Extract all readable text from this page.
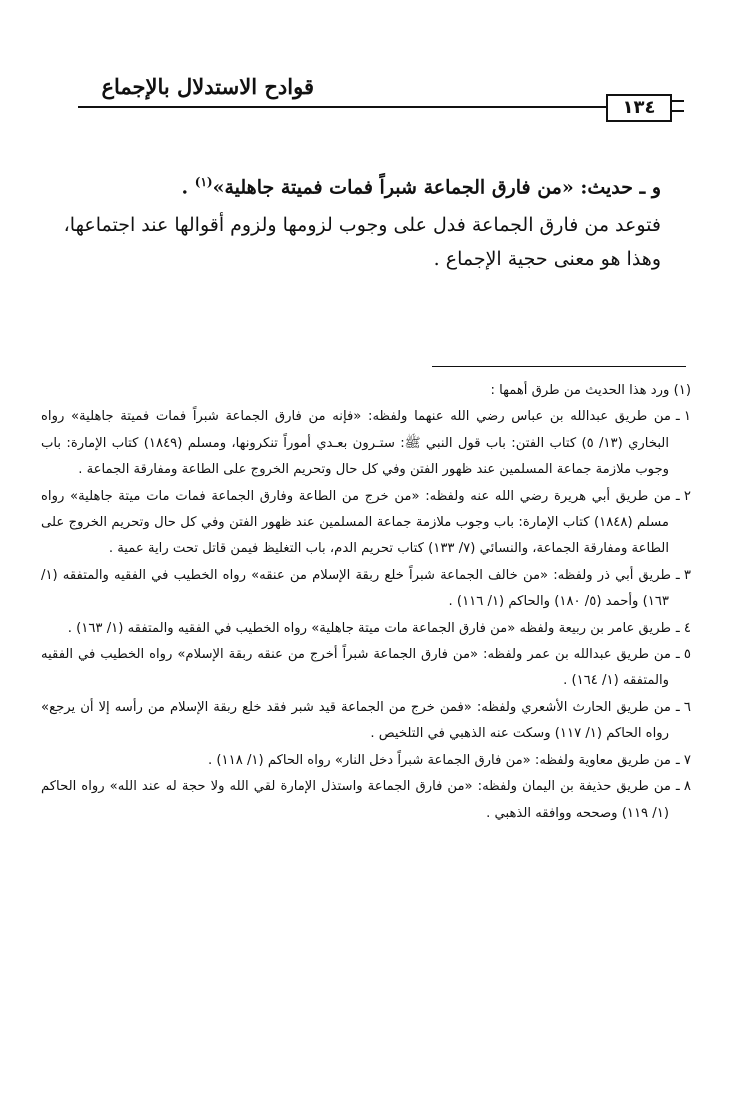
قوادح الاستدلال بالإجماع
١٣٤
و ـ حديث: «من فارق الجماعة شبراً فمات فميتة جاهلية»$^{(١)}$ .

فتوعد من فارق الجماعة فدل على وجوب لزومها ولزوم أقوالها عند اجتماعها، وهذا هو معنى حجية الإجماع .

(١) ورد هذا الحديث من طرق أهمها :

١ ـمن طريق عبدالله بن عباس رضي الله عنهما ولفظه: «فإنه من فارق الجماعة شبراً فمات فميتة جاهلية» رواه البخاري (١٣/ ٥) كتاب الفتن: باب قول النبي ﷺ: ستـرون بعـدي أموراً تنكرونها، ومسلم (١٨٤٩) كتاب الإمارة: باب وجوب ملازمة جماعة المسلمين عند ظهور الفتن وفي كل حال وتحريم الخروج على الطاعة ومفارقة الجماعة .

٢ ـمن طريق أبي هريرة رضي الله عنه ولفظه: «من خرج من الطاعة وفارق الجماعة فمات مات ميتة جاهلية» رواه مسلم (١٨٤٨) كتاب الإمارة: باب وجوب ملازمة جماعة المسلمين عند ظهور الفتن وفي كل حال وتحريم الخروج على الطاعة ومفارقة الجماعة، والنسائي (٧/ ١٣٣) كتاب تحريم الدم، باب التغليظ فيمن قاتل تحت راية عمية .

٣ ـطريق أبي ذر ولفظه: «من خالف الجماعة شبراً خلع ربقة الإسلام من عنقه» رواه الخطيب في الفقيه والمتفقه (١/ ١٦٣) وأحمد (٥/ ١٨٠) والحاكم (١/ ١١٦) .

٤ ـطريق عامر بن ربيعة ولفظه «من فارق الجماعة مات ميتة جاهلية» رواه الخطيب في الفقيه والمتفقه (١/ ١٦٣) .

٥ ـمن طريق عبدالله بن عمر ولفظه: «من فارق الجماعة شبراً أخرج من عنقه ربقة الإسلام» رواه الخطيب في الفقيه والمتفقه (١/ ١٦٤) .

٦ ـمن طريق الحارث الأشعري ولفظه: «فمن خرج من الجماعة قيد شبر فقد خلع ربقة الإسلام من رأسه إلا أن يرجع» رواه الحاكم (١/ ١١٧) وسكت عنه الذهبي في التلخيص .

٧ ـمن طريق معاوية ولفظه: «من فارق الجماعة شبراً دخل النار» رواه الحاكم (١/ ١١٨) .

٨ ـمن طريق حذيفة بن اليمان ولفظه: «من فارق الجماعة واستذل الإمارة لقي الله ولا حجة له عند الله» رواه الحاكم (١/ ١١٩) وصححه ووافقه الذهبي .
